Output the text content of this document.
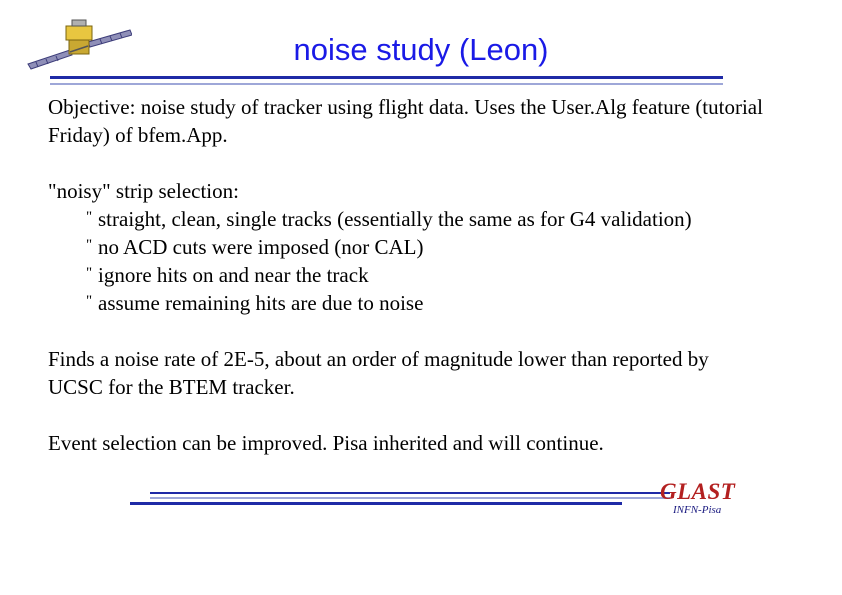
noise study (Leon)

Objective: noise study of tracker using flight data. Uses the User.Alg feature (tutorial Friday) of bfem.App.

"noisy" strip selection:

" straight, clean, single tracks (essentially the same as for G4 validation)
" no ACD cuts were imposed (nor CAL)
" ignore hits on and near the track
" assume remaining hits are due to noise

Finds a noise rate of 2E-5, about an order of magnitude lower than reported by UCSC for the BTEM tracker.

Event selection can be improved. Pisa inherited and will continue.

GLAST
INFN-Pisa
